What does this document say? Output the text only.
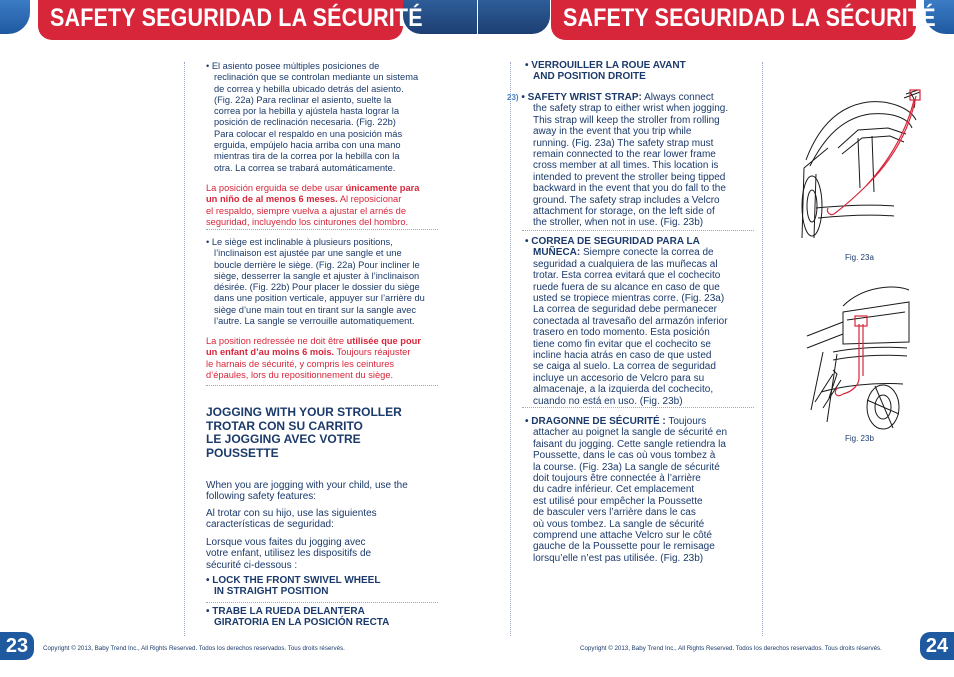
SAFETY SEGURIDAD LA SÉCURITÉ	SAFETY SEGURIDAD LA SÉCURITÉ
• El asiento posee múltiples posiciones de
reclinación que se controlan mediante un sistema
de correa y hebilla ubicado detrás del asiento.
(Fig. 22a) Para reclinar el asiento, suelte la
correa por la hebilla y ajústela hasta lograr la
posición de reclinación necesaria. (Fig. 22b)
Para colocar el respaldo en una posición más
erguida, empújelo hacia arriba con una mano
mientras tira de la correa por la hebilla con la
otra. La correa se trabará automáticamente.
La posición erguida se debe usar únicamente para
un niño de al menos 6 meses. Al reposicionar
el respaldo, siempre vuelva a ajustar el arnés de
seguridad, incluyendo los cinturones del hombro.
• Le siège est inclinable à plusieurs positions,
l’inclinaison est ajustée par une sangle et une
boucle derrière le siège. (Fig. 22a) Pour incliner le
siège, desserrer la sangle et ajuster à l’inclinaison
désirée. (Fig. 22b) Pour placer le dossier du siège
dans une position verticale, appuyer sur l’arrière du
siège d’une main tout en tirant sur la sangle avec
l’autre. La sangle se verrouille automatiquement.
La position redressée ne doit être utilisée que pour
un enfant d’au moins 6 mois. Toujours réajuster
le harnais de sécurité, y compris les ceintures
d’épaules, lors du repositionnement du siège.
JOGGING WITH YOUR STROLLER
TROTAR CON SU CARRITO
LE JOGGING AVEC VOTRE
POUSSETTE
When you are jogging with your child, use the
following safety features:
Al trotar con su hijo, use las siguientes
características de seguridad:
Lorsque vous faites du jogging avec
votre enfant, utilisez les dispositifs de
sécurité ci-dessous :
• LOCK THE FRONT SWIVEL WHEEL
IN STRAIGHT POSITION
• TRABE LA RUEDA DELANTERA
GIRATORIA EN LA POSICIÓN RECTA
23	Copyright © 2013, Baby Trend Inc., All Rights Reserved. Todos los derechos reservados. Tous droits réservés.
• VERROUILLER LA ROUE AVANT
AND POSITION DROITE
23) • SAFETY WRIST STRAP: Always connect
the safety strap to either wrist when jogging.
This strap will keep the stroller from rolling
away in the event that you trip while
running. (Fig. 23a) The safety strap must
remain connected to the rear lower frame
cross member at all times. This location is
intended to prevent the stroller being tipped
backward in the event that you do fall to the
ground. The safety strap includes a Velcro
attachment for storage, on the left side of
the stroller, when not in use. (Fig. 23b)
• CORREA DE SEGURIDAD PARA LA
MUÑECA: Siempre conecte la correa de
seguridad a cualquiera de las muñecas al
trotar. Esta correa evitará que el cochecito
ruede fuera de su alcance en caso de que
usted se tropiece mientras corre. (Fig. 23a)
La correa de seguridad debe permanecer
conectada al travesaño del armazón inferior
trasero en todo momento. Esta posición
tiene como fin evitar que el cochecito se
incline hacia atrás en caso de que usted
se caiga al suelo. La correa de seguridad
incluye un accesorio de Velcro para su
almacenaje, a la izquierda del cochecito,
cuando no está en uso. (Fig. 23b)
• DRAGONNE DE SÉCURITÉ : Toujours
attacher au poignet la sangle de sécurité en
faisant du jogging. Cette sangle retiendra la
Poussette, dans le cas où vous tombez à
la course. (Fig. 23a) La sangle de sécurité
doit toujours être connectée à l’arrière
du cadre inférieur. Cet emplacement
est utilisé pour empêcher la Poussette
de basculer vers l’arrière dans le cas
où vous tombez. La sangle de sécurité
comprend une attache Velcro sur le côté
gauche de la Poussette pour le remisage
lorsqu’elle n’est pas utilisée. (Fig. 23b)
Fig. 23a
Fig. 23b
24
Copyright © 2013, Baby Trend Inc., All Rights Reserved. Todos los derechos reservados. Tous droits réservés.
